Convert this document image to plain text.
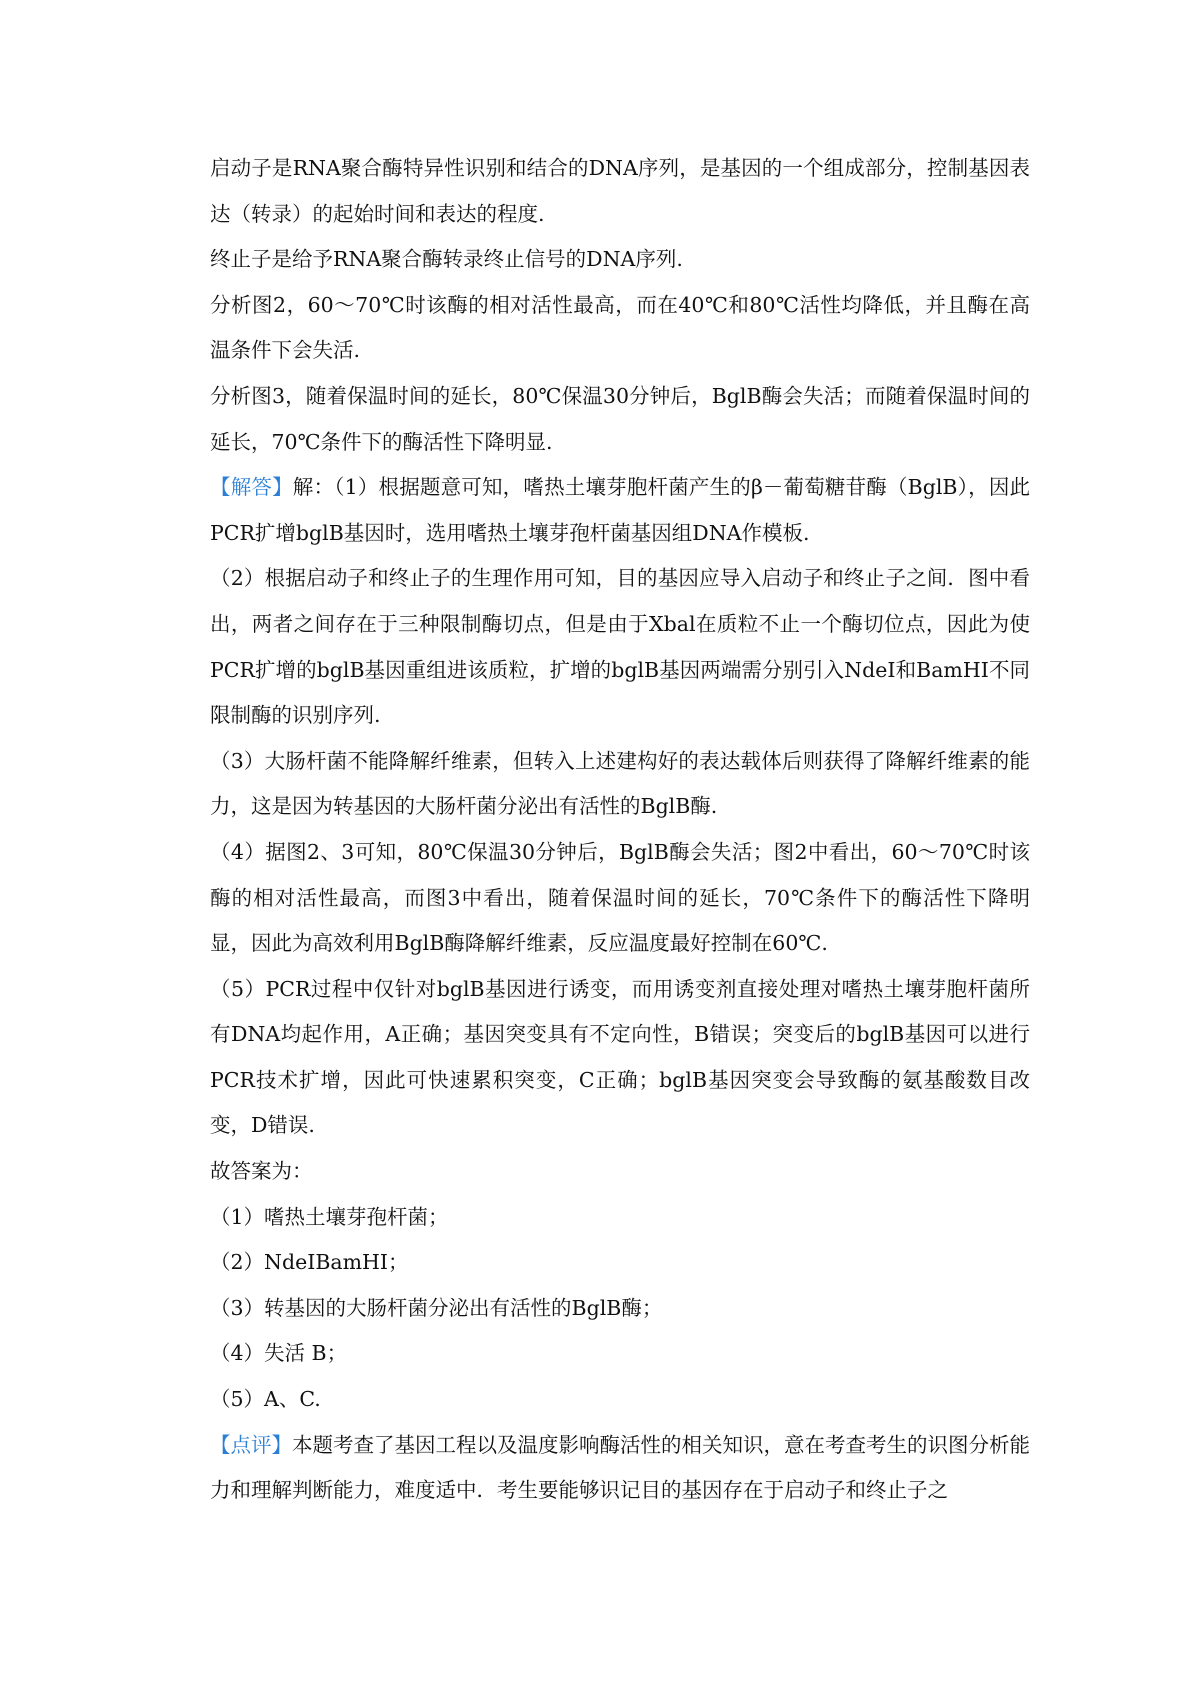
启动子是RNA聚合酶特异性识别和结合的DNA序列，是基因的一个组成部分，控制基因表达（转录）的起始时间和表达的程度.

终止子是给予RNA聚合酶转录终止信号的DNA序列.

分析图2，60～70℃时该酶的相对活性最高，而在40℃和80℃活性均降低，并且酶在高温条件下会失活.

分析图3，随着保温时间的延长，80℃保温30分钟后，BglB酶会失活；而随着保温时间的延长，70℃条件下的酶活性下降明显.

【解答】解：（1）根据题意可知，嗜热土壤芽胞杆菌产生的β－葡萄糖苷酶（BglB），因此PCR扩增bglB基因时，选用嗜热土壤芽孢杆菌基因组DNA作模板.

（2）根据启动子和终止子的生理作用可知，目的基因应导入启动子和终止子之间．图中看出，两者之间存在于三种限制酶切点，但是由于Xbal在质粒不止一个酶切位点，因此为使PCR扩增的bglB基因重组进该质粒，扩增的bglB基因两端需分别引入NdeⅠ和BamHⅠ不同限制酶的识别序列.

（3）大肠杆菌不能降解纤维素，但转入上述建构好的表达载体后则获得了降解纤维素的能力，这是因为转基因的大肠杆菌分泌出有活性的BglB酶.

（4）据图2、3可知，80℃保温30分钟后，BglB酶会失活；图2中看出，60～70℃时该酶的相对活性最高，而图3中看出，随着保温时间的延长，70℃条件下的酶活性下降明显，因此为高效利用BglB酶降解纤维素，反应温度最好控制在60℃.

（5）PCR过程中仅针对bglB基因进行诱变，而用诱变剂直接处理对嗜热土壤芽胞杆菌所有DNA均起作用，A正确；基因突变具有不定向性，B错误；突变后的bglB基因可以进行PCR技术扩增，因此可快速累积突变，C正确；bglB基因突变会导致酶的氨基酸数目改变，D错误.

故答案为：

（1）嗜热土壤芽孢杆菌；

（2）NdeⅠBamHⅠ；

（3）转基因的大肠杆菌分泌出有活性的BglB酶；

（4）失活 B；

（5）A、C.

【点评】本题考查了基因工程以及温度影响酶活性的相关知识，意在考查考生的识图分析能力和理解判断能力，难度适中．考生要能够识记目的基因存在于启动子和终止子之
